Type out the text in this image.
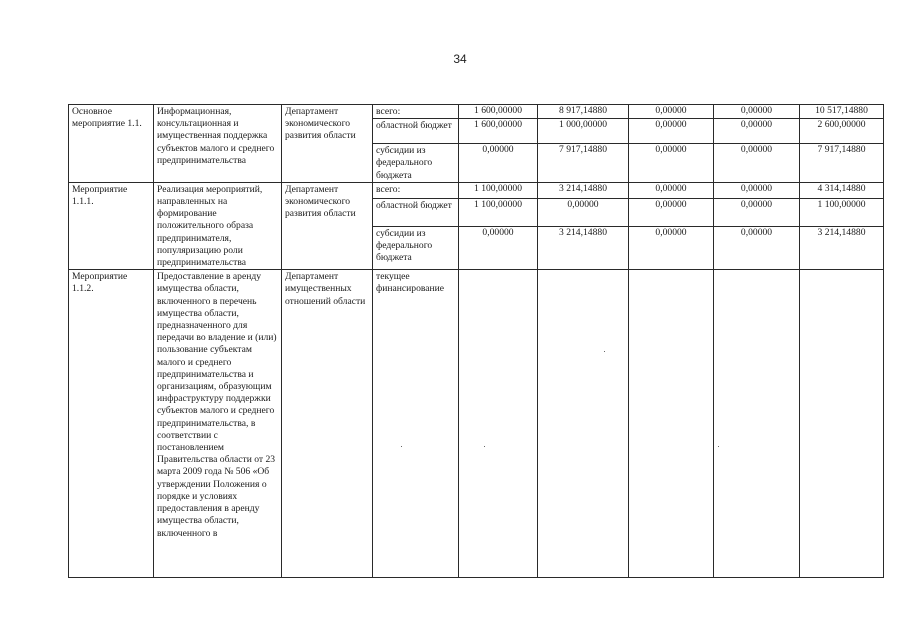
34
Основное мероприятие 1.1.	Информационная, консультационная и имущественная поддержка субъектов малого и среднего предпринимательства	Департамент экономического развития области	всего:	1 600,00000	8 917,14880	0,00000	0,00000	10 517,14880
			областной бюджет	1 600,00000	1 000,00000	0,00000	0,00000	2 600,00000
			субсидии из федерального бюджета	0,00000	7 917,14880	0,00000	0,00000	7 917,14880
Мероприятие 1.1.1.	Реализация мероприятий, направленных на формирование положительного образа предпринимателя, популяризацию роли предпринимательства	Департамент экономического развития области	всего:	1 100,00000	3 214,14880	0,00000	0,00000	4 314,14880
			областной бюджет	1 100,00000	0,00000	0,00000	0,00000	1 100,00000
			субсидии из федерального бюджета	0,00000	3 214,14880	0,00000	0,00000	3 214,14880
Мероприятие 1.1.2.	Предоставление в аренду имущества области, включенного в перечень имущества области, предназначенного для передачи во владение и (или) пользование субъектам малого и среднего предпринимательства и организациям, образующим инфраструктуру поддержки субъектов малого и среднего предпринимательства, в соответствии с постановлением Правительства области от 23 марта 2009 года № 506 «Об утверждении Положения о порядке и условиях предоставления в аренду имущества области, включенного в	Департамент имущественных отношений области	текущее финансирование					
